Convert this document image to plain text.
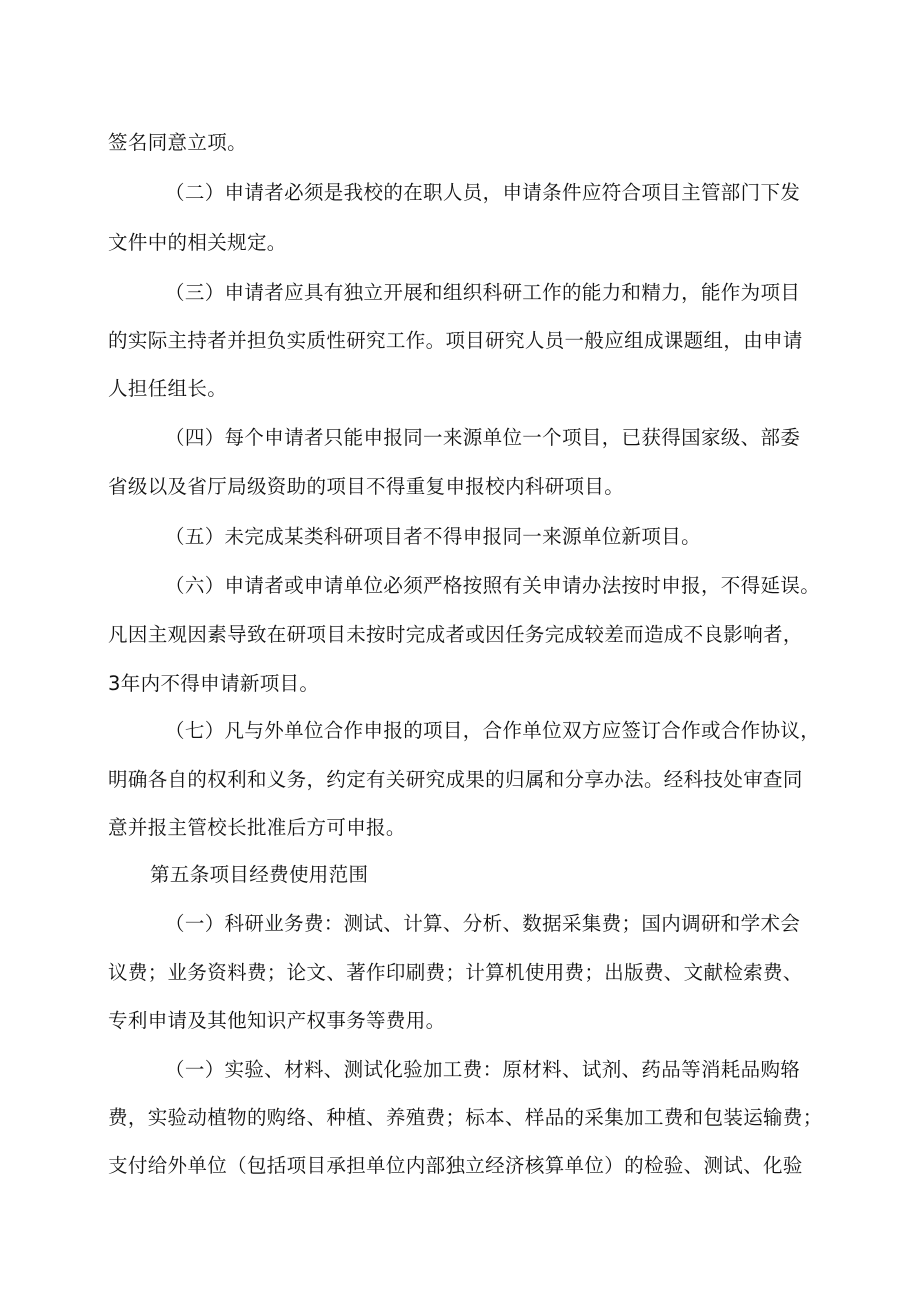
签名同意立项。
（二）申请者必须是我校的在职人员，申请条件应符合项目主管部门下发
文件中的相关规定。
（三）申请者应具有独立开展和组织科研工作的能力和精力，能作为项目
的实际主持者并担负实质性研究工作。项目研究人员一般应组成课题组，由申请
人担任组长。
（四）每个申请者只能申报同一来源单位一个项目，已获得国家级、部委
省级以及省厅局级资助的项目不得重复申报校内科研项目。
（五）未完成某类科研项目者不得申报同一来源单位新项目。
（六）申请者或申请单位必须严格按照有关申请办法按时申报，不得延误。
凡因主观因素导致在研项目未按时完成者或因任务完成较差而造成不良影响者，
3年内不得申请新项目。
（七）凡与外单位合作申报的项目，合作单位双方应签订合作或合作协议，
明确各自的权利和义务，约定有关研究成果的归属和分享办法。经科技处审查同
意并报主管校长批准后方可申报。
第五条项目经费使用范围
（一）科研业务费：测试、计算、分析、数据采集费；国内调研和学术会
议费；业务资料费；论文、著作印刷费；计算机使用费；出版费、文献检索费、
专利申请及其他知识产权事务等费用。
（一）实验、材料、测试化验加工费：原材料、试剂、药品等消耗品购辂
费，实验动植物的购络、种植、养殖费；标本、样品的采集加工费和包装运输费；
支付给外单位（包括项目承担单位内部独立经济核算单位）的检验、测试、化验
